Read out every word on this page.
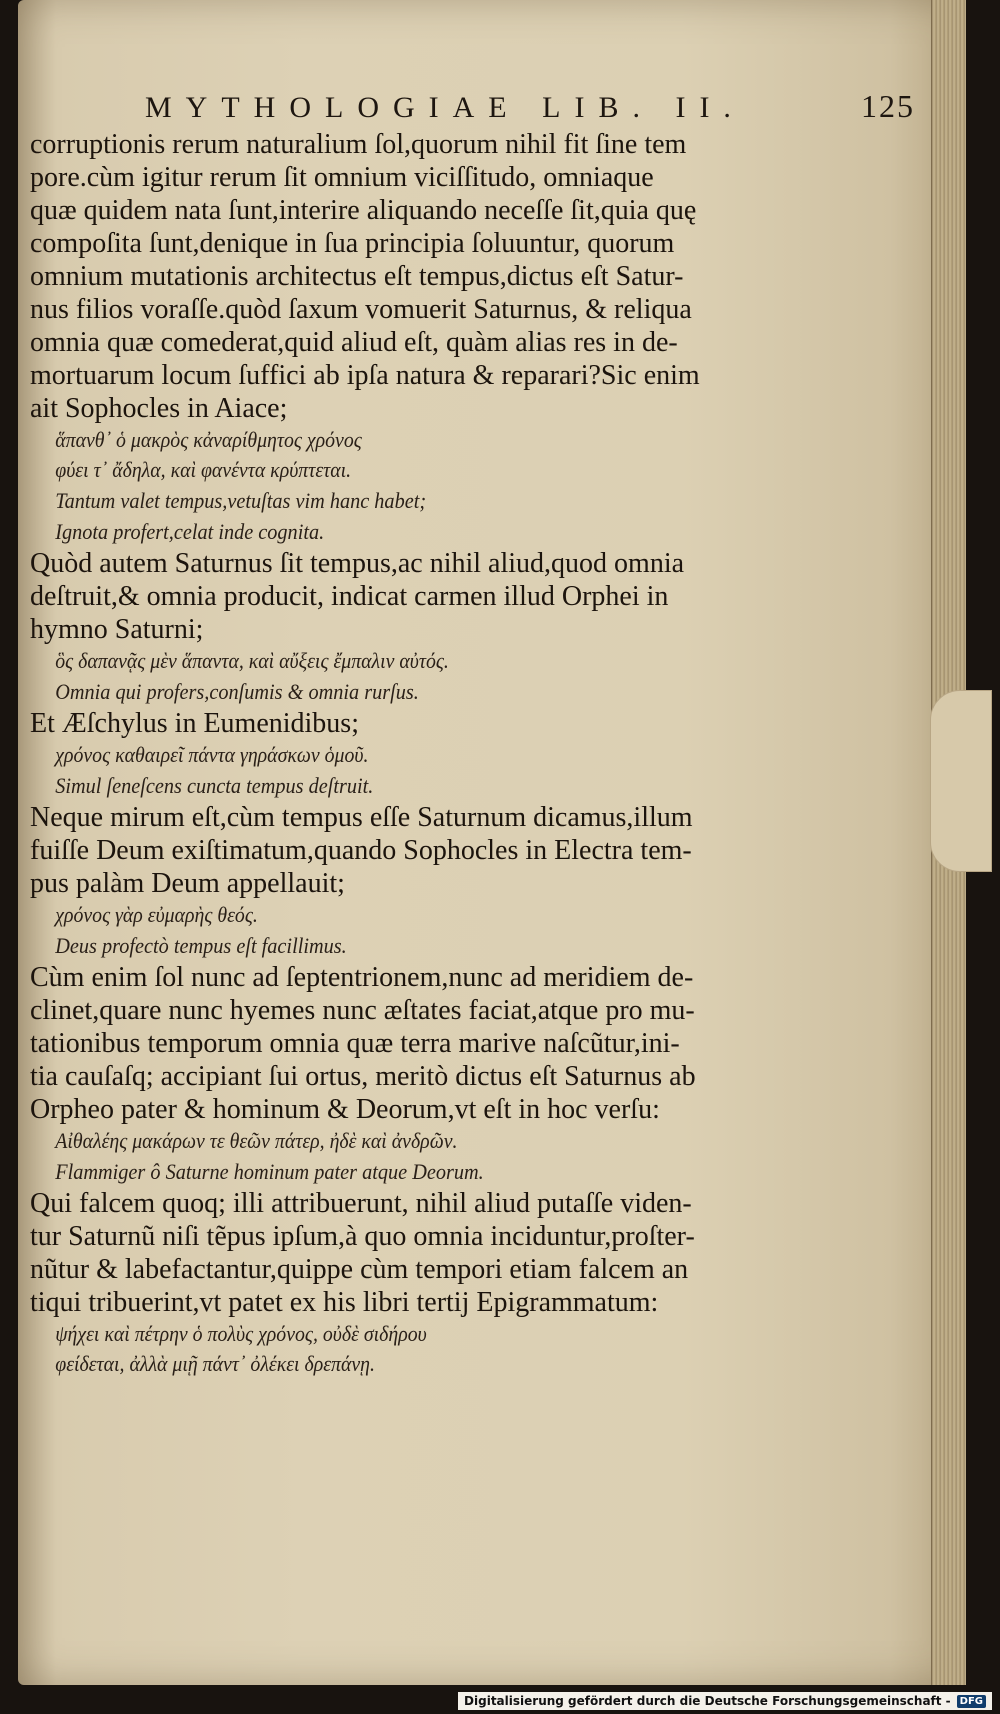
MYTHOLOGIAE LIB. II.	125
corruptionis rerum naturalium ſol,quorum nihil fit ſine tem
pore.cùm igitur rerum ſit omnium viciſſitudo, omniaque
quæ quidem nata ſunt,interire aliquando neceſſe ſit,quia quę
compoſita ſunt,denique in ſua principia ſoluuntur, quorum
omnium mutationis architectus eſt tempus,dictus eſt Satur-
nus filios voraſſe.quòd ſaxum vomuerit Saturnus, & reliqua
omnia quæ comederat,quid aliud eſt, quàm alias res in de-
mortuarum locum ſuffici ab ipſa natura & reparari?Sic enim
ait Sophocles in Aiace;
ἅπανθ᾽ ὁ μακρὸς κἀναρίθμητος χρόνος
φύει τ᾽ ἄδηλα, καὶ φανέντα κρύπτεται.
Tantum valet tempus,vetuſtas vim hanc habet;
Ignota profert,celat inde cognita.
Quòd autem Saturnus ſit tempus,ac nihil aliud,quod omnia
deſtruit,& omnia producit, indicat carmen illud Orphei in
hymno Saturni;
ὃς δαπανᾷς μὲν ἅπαντα, καὶ αὔξεις ἔμπαλιν αὐτός.
Omnia qui profers,conſumis & omnia rurſus.
Et Æſchylus in Eumenidibus;
χρόνος καθαιρεῖ πάντα γηράσκων ὁμοῦ.
Simul ſeneſcens cuncta tempus deſtruit.
Neque mirum eſt,cùm tempus eſſe Saturnum dicamus,illum
fuiſſe Deum exiſtimatum,quando Sophocles in Electra tem-
pus palàm Deum appellauit;
χρόνος γὰρ εὐμαρὴς θεός.
Deus profectò tempus eſt facillimus.
Cùm enim ſol nunc ad ſeptentrionem,nunc ad meridiem de-
clinet,quare nunc hyemes nunc æſtates faciat,atque pro mu-
tationibus temporum omnia quæ terra marive naſcũtur,ini-
tia cauſaſq; accipiant ſui ortus, meritò dictus eſt Saturnus ab
Orpheo pater & hominum & Deorum,vt eſt in hoc verſu:
Αἰθαλέης μακάρων τε θεῶν πάτερ, ἠδὲ καὶ ἀνδρῶν.
Flammiger ô Saturne hominum pater atque Deorum.
Qui falcem quoq; illi attribuerunt, nihil aliud putaſſe viden-
tur Saturnũ niſi tẽpus ipſum,à quo omnia inciduntur,proſter-
nũtur & labefactantur,quippe cùm tempori etiam falcem an
tiqui tribuerint,vt patet ex his libri tertij Epigrammatum:
ψήχει καὶ πέτρην ὁ πολὺς χρόνος, οὐδὲ σιδήρου
φείδεται, ἀλλὰ μιῇ πάντ᾽ ὀλέκει δρεπάνῃ.
Digitalisierung gefördert durch die Deutsche Forschungsgemeinschaft - DFG
